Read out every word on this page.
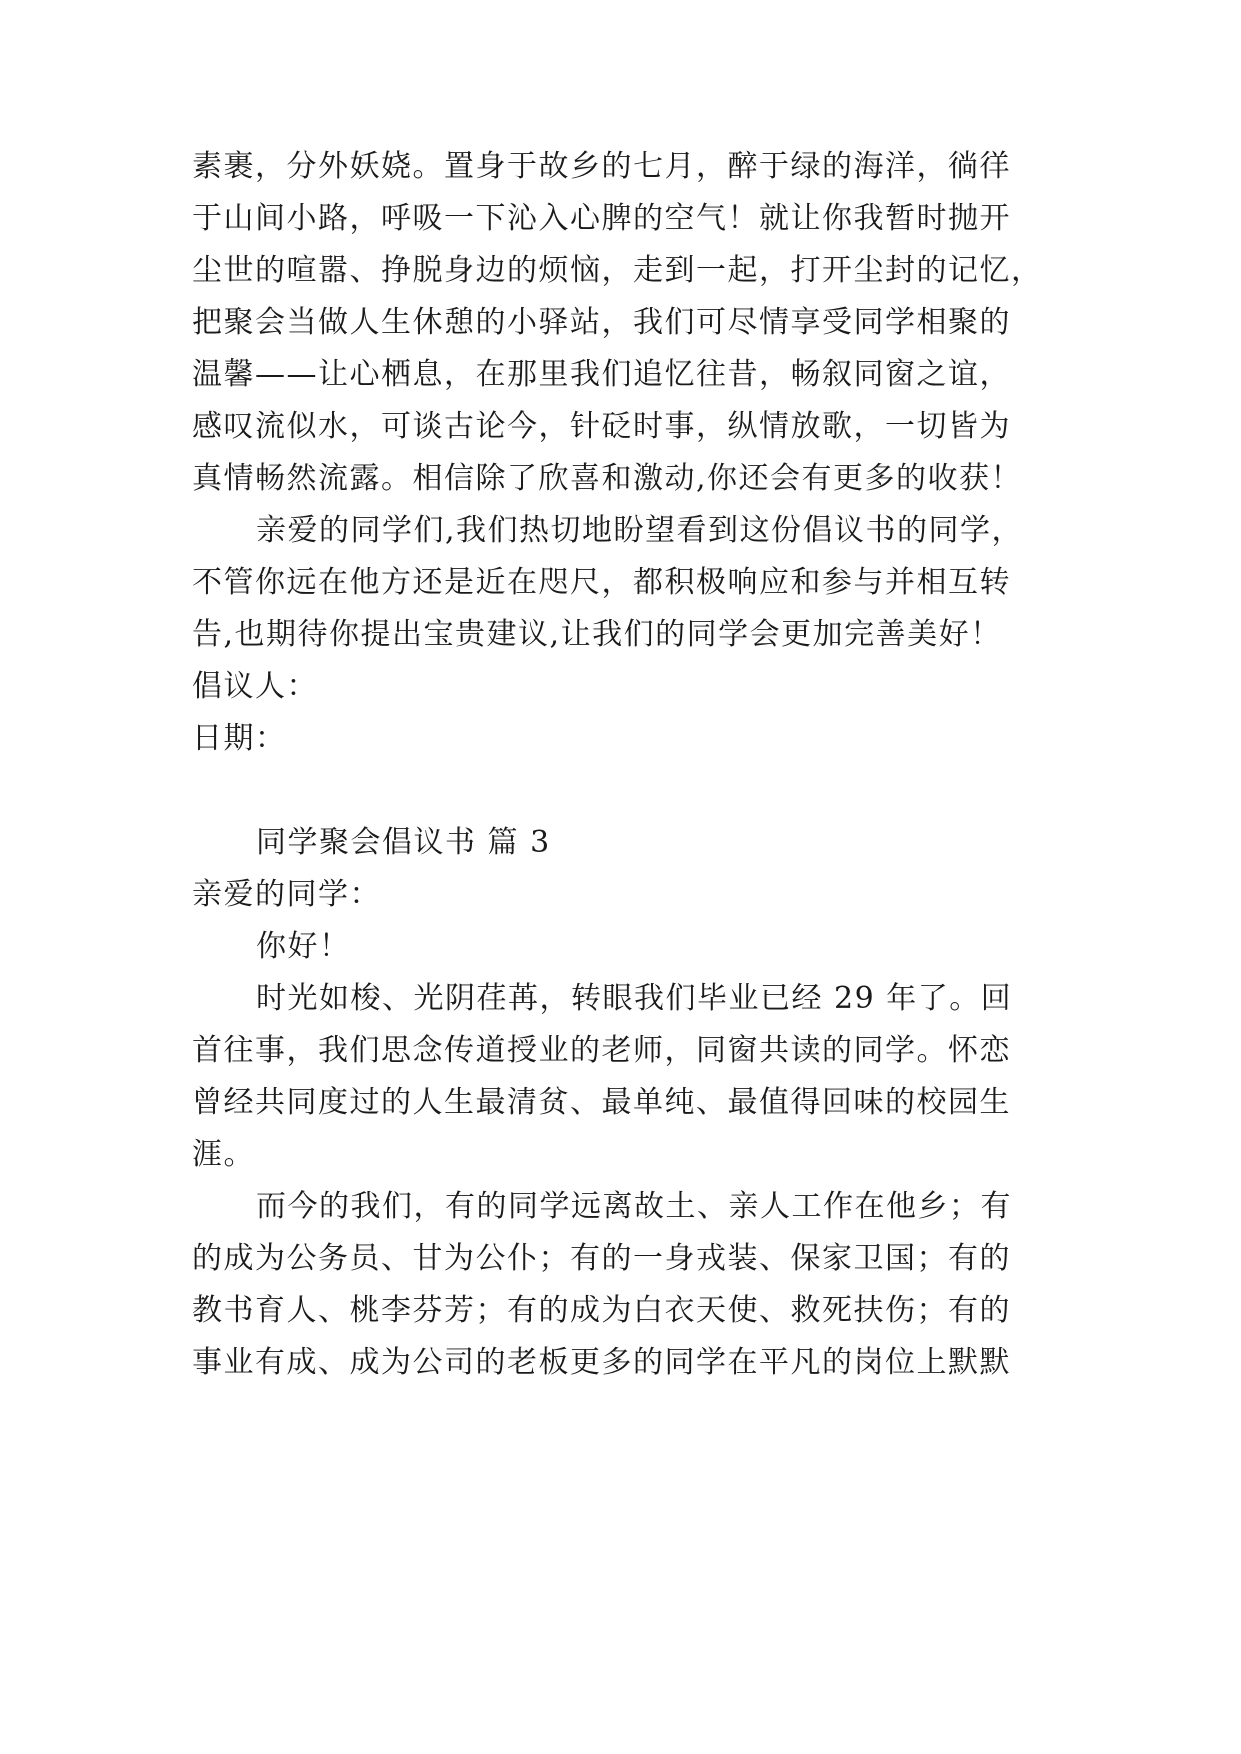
素裹，分外妖娆。置身于故乡的七月，醉于绿的海洋，徜徉
于山间小路，呼吸一下沁入心脾的空气！就让你我暂时抛开
尘世的喧嚣、挣脱身边的烦恼，走到一起，打开尘封的记忆，
把聚会当做人生休憩的小驿站，我们可尽情享受同学相聚的
温馨——让心栖息，在那里我们追忆往昔，畅叙同窗之谊，
感叹流似水，可谈古论今，针砭时事，纵情放歌，一切皆为
真情畅然流露。相信除了欣喜和激动,你还会有更多的收获！
亲爱的同学们,我们热切地盼望看到这份倡议书的同学，
不管你远在他方还是近在咫尺，都积极响应和参与并相互转
告,也期待你提出宝贵建议,让我们的同学会更加完善美好！
倡议人：
日期：
同学聚会倡议书 篇 3
亲爱的同学：
你好！
时光如梭、光阴荏苒，转眼我们毕业已经 29 年了。回
首往事，我们思念传道授业的老师，同窗共读的同学。怀恋
曾经共同度过的人生最清贫、最单纯、最值得回味的校园生
涯。
而今的我们，有的同学远离故土、亲人工作在他乡；有
的成为公务员、甘为公仆；有的一身戎装、保家卫国；有的
教书育人、桃李芬芳；有的成为白衣天使、救死扶伤；有的
事业有成、成为公司的老板更多的同学在平凡的岗位上默默
